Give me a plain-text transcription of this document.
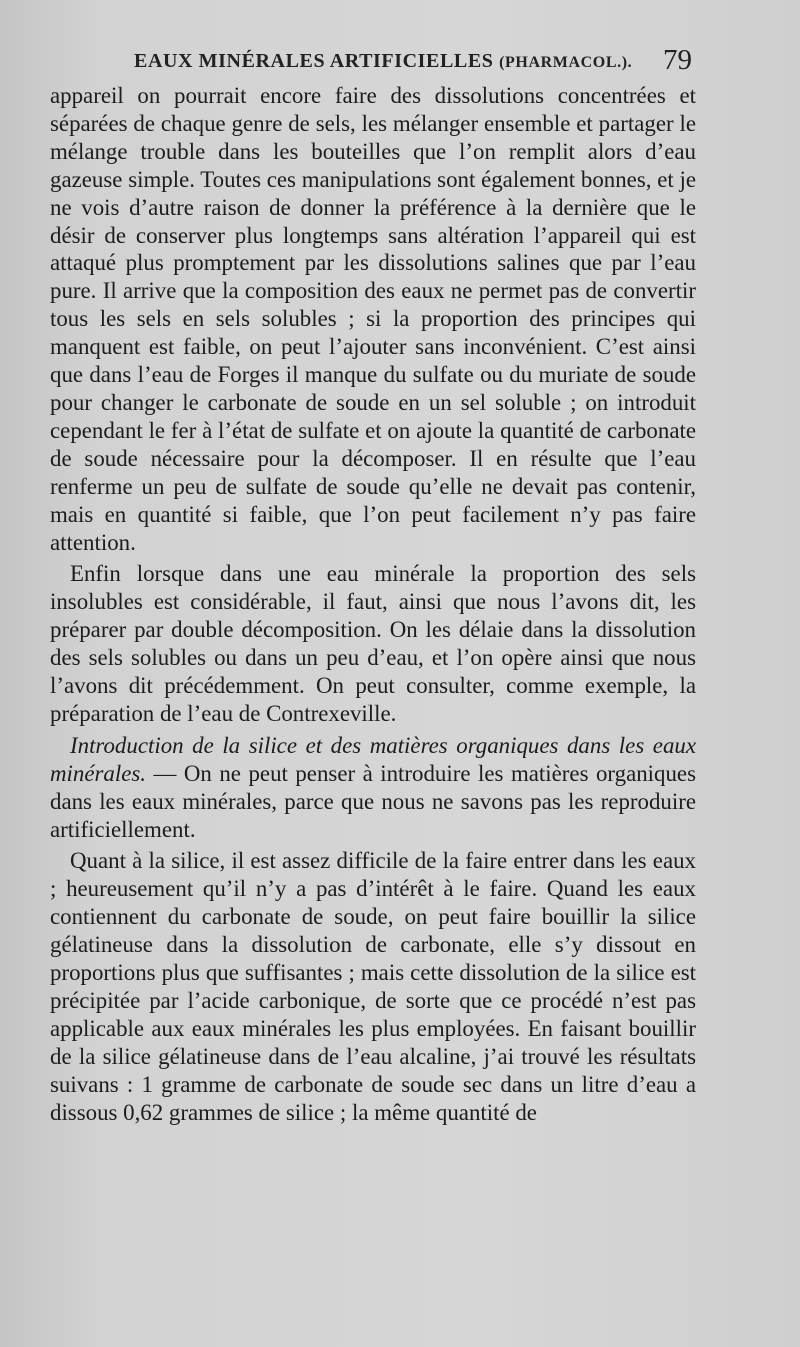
EAUX MINÉRALES ARTIFICIELLES (PHARMACOL.). 79

appareil on pourrait encore faire des dissolutions concentrées et séparées de chaque genre de sels, les mélanger ensemble et partager le mélange trouble dans les bouteilles que l’on remplit alors d’eau gazeuse simple. Toutes ces manipulations sont également bonnes, et je ne vois d’autre raison de donner la préférence à la dernière que le désir de conserver plus longtemps sans altération l’appareil qui est attaqué plus promptement par les dissolutions salines que par l’eau pure. Il arrive que la composition des eaux ne permet pas de convertir tous les sels en sels solubles ; si la proportion des principes qui manquent est faible, on peut l’ajouter sans inconvénient. C’est ainsi que dans l’eau de Forges il manque du sulfate ou du muriate de soude pour changer le carbonate de soude en un sel soluble ; on introduit cependant le fer à l’état de sulfate et on ajoute la quantité de carbonate de soude nécessaire pour la décomposer. Il en résulte que l’eau renferme un peu de sulfate de soude qu’elle ne devait pas contenir, mais en quantité si faible, que l’on peut facilement n’y pas faire attention.

Enfin lorsque dans une eau minérale la proportion des sels insolubles est considérable, il faut, ainsi que nous l’avons dit, les préparer par double décomposition. On les délaie dans la dissolution des sels solubles ou dans un peu d’eau, et l’on opère ainsi que nous l’avons dit précédemment. On peut consulter, comme exemple, la préparation de l’eau de Contrexeville.

Introduction de la silice et des matières organiques dans les eaux minérales. — On ne peut penser à introduire les matières organiques dans les eaux minérales, parce que nous ne savons pas les reproduire artificiellement.

Quant à la silice, il est assez difficile de la faire entrer dans les eaux ; heureusement qu’il n’y a pas d’intérêt à le faire. Quand les eaux contiennent du carbonate de soude, on peut faire bouillir la silice gélatineuse dans la dissolution de carbonate, elle s’y dissout en proportions plus que suffisantes ; mais cette dissolution de la silice est précipitée par l’acide carbonique, de sorte que ce procédé n’est pas applicable aux eaux minérales les plus employées. En faisant bouillir de la silice gélatineuse dans de l’eau alcaline, j’ai trouvé les résultats suivans : 1 gramme de carbonate de soude sec dans un litre d’eau a dissous 0,62 grammes de silice ; la même quantité de
